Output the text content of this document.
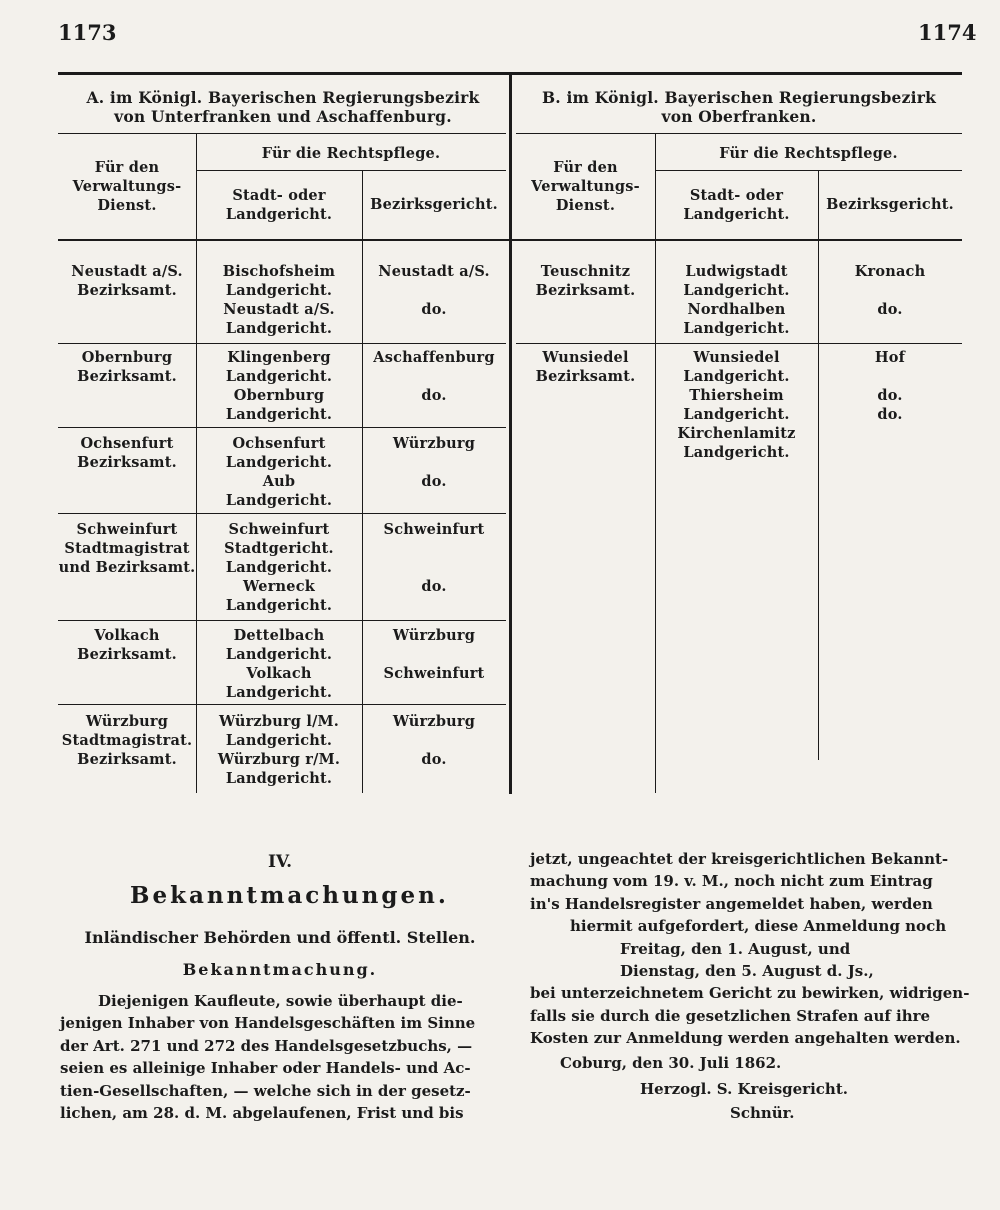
1173	1174
A. im Königl. Bayerischen Regierungsbezirk
von Unterfranken und Aschaffenburg.
B. im Königl. Bayerischen Regierungsbezirk
von Oberfranken.
Für den
Verwaltungs-
Dienst.
Für die Rechtspflege.
Stadt- oder
Landgericht.
Bezirksgericht.
Für den
Verwaltungs-
Dienst.
Für die Rechtspflege.
Stadt- oder
Landgericht.
Bezirksgericht.
Neustadt a/S.
Bezirksamt.
Bischofsheim
Landgericht.
Neustadt a/S.
Landgericht.
Neustadt a/S.

do.
Obernburg
Bezirksamt.
Klingenberg
Landgericht.
Obernburg
Landgericht.
Aschaffenburg

do.
Ochsenfurt
Bezirksamt.
Ochsenfurt
Landgericht.
Aub
Landgericht.
Würzburg

do.
Schweinfurt
Stadtmagistrat
und Bezirksamt.
Schweinfurt
Stadtgericht.
Landgericht.
Werneck
Landgericht.
Schweinfurt

do.
Volkach
Bezirksamt.
Dettelbach
Landgericht.
Volkach
Landgericht.
Würzburg

Schweinfurt
Würzburg
Stadtmagistrat.
Bezirksamt.
Würzburg l/M.
Landgericht.
Würzburg r/M.
Landgericht.
Würzburg

do.
Teuschnitz
Bezirksamt.
Ludwigstadt
Landgericht.
Nordhalben
Landgericht.
Kronach

do.
Wunsiedel
Bezirksamt.
Wunsiedel
Landgericht.
Thiersheim
Landgericht.
Kirchenlamitz
Landgericht.
Hof

do.
do.
IV.
Bekanntmachungen.
Inländischer Behörden und öffentl. Stellen.
Bekanntmachung.
Diejenigen Kaufleute, sowie überhaupt die-
jenigen Inhaber von Handelsgeschäften im Sinne
der Art. 271 und 272 des Handelsgesetzbuchs, —
seien es alleinige Inhaber oder Handels- und Ac-
tien-Gesellschaften, — welche sich in der gesetz-
lichen, am 28. d. M. abgelaufenen, Frist und bis
jetzt, ungeachtet der kreisgerichtlichen Bekannt-
machung vom 19. v. M., noch nicht zum Eintrag
in's Handelsregister angemeldet haben, werden
hiermit aufgefordert, diese Anmeldung noch
Freitag, den 1. August, und
Dienstag, den 5. August d. Js.,
bei unterzeichnetem Gericht zu bewirken, widrigen-
falls sie durch die gesetzlichen Strafen auf ihre
Kosten zur Anmeldung werden angehalten werden.
Coburg, den 30. Juli 1862.
Herzogl. S. Kreisgericht.
Schnür.
